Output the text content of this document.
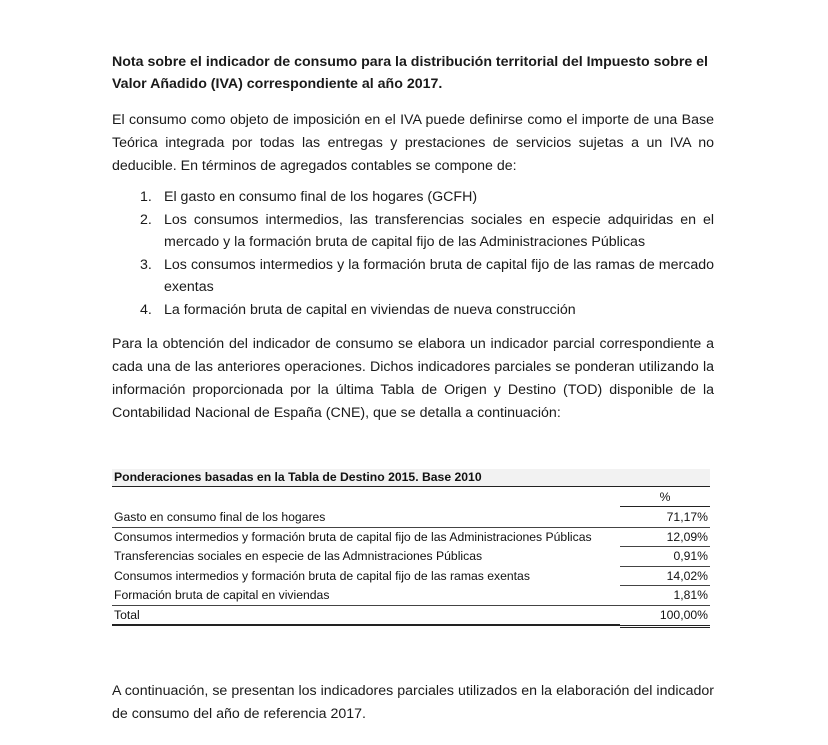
Nota sobre el indicador de consumo para la distribución territorial del Impuesto sobre el Valor Añadido (IVA) correspondiente al año 2017.

El consumo como objeto de imposición en el IVA puede definirse como el importe de una Base Teórica integrada por todas las entregas y prestaciones de servicios sujetas a un IVA no deducible. En términos de agregados contables se compone de:

1. El gasto en consumo final de los hogares (GCFH)
2. Los consumos intermedios, las transferencias sociales en especie adquiridas en el mercado y la formación bruta de capital fijo de las Administraciones Públicas
3. Los consumos intermedios y la formación bruta de capital fijo de las ramas de mercado exentas
4. La formación bruta de capital en viviendas de nueva construcción

Para la obtención del indicador de consumo se elabora un indicador parcial correspondiente a cada una de las anteriores operaciones. Dichos indicadores parciales se ponderan utilizando la información proporcionada por la última Tabla de Origen y Destino (TOD) disponible de la Contabilidad Nacional de España (CNE), que se detalla a continuación:

Ponderaciones basadas en la Tabla de Destino 2015. Base 2010
%
Gasto en consumo final de los hogares	71,17%
Consumos intermedios y formación bruta de capital fijo de las Administraciones Públicas	12,09%
Transferencias sociales en especie de las Admnistraciones Públicas	0,91%
Consumos intermedios y formación bruta de capital fijo de las ramas exentas	14,02%
Formación bruta de capital en viviendas	1,81%
Total	100,00%

A continuación, se presentan los indicadores parciales utilizados en la elaboración del indicador de consumo del año de referencia 2017.
